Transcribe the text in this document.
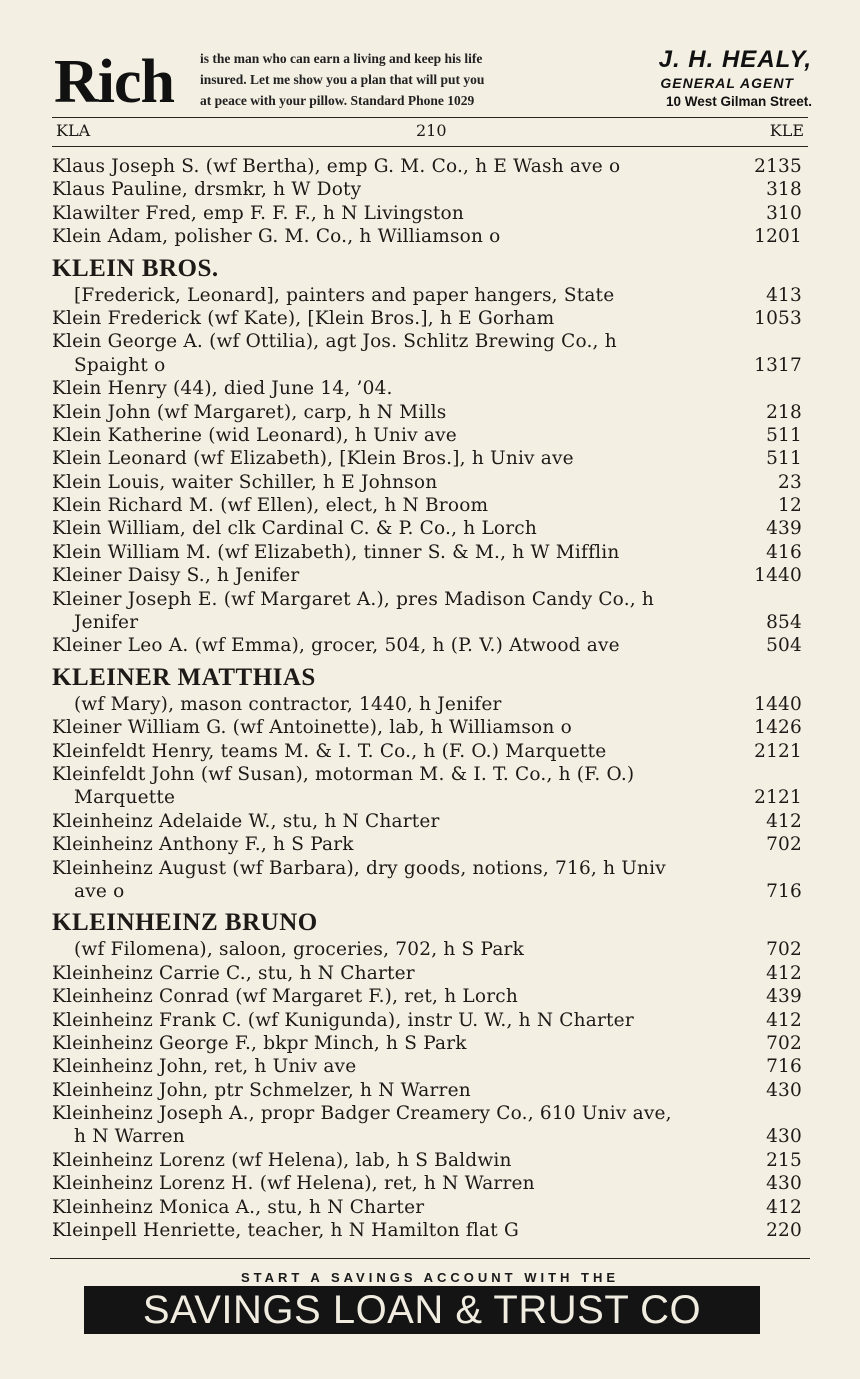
Rich is the man who can earn a living and keep his life
insured. Let me show you a plan that will put you
at peace with your pillow. Standard Phone 1029
J. H. HEALY,
GENERAL AGENT
10 West Gilman Street.
KLA	210	KLE
Klaus Joseph S. (wf Bertha), emp G. M. Co., h E Wash ave o	2135
Klaus Pauline, drsmkr, h W Doty	318
Klawilter Fred, emp F. F. F., h N Livingston	310
Klein Adam, polisher G. M. Co., h Williamson o	1201
KLEIN BROS.
[Frederick, Leonard], painters and paper hangers, State	413
Klein Frederick (wf Kate), [Klein Bros.], h E Gorham	1053
Klein George A. (wf Ottilia), agt Jos. Schlitz Brewing Co., h
Spaight o	1317
Klein Henry (44), died June 14, ’04.
Klein John (wf Margaret), carp, h N Mills	218
Klein Katherine (wid Leonard), h Univ ave	511
Klein Leonard (wf Elizabeth), [Klein Bros.], h Univ ave	511
Klein Louis, waiter Schiller, h E Johnson	23
Klein Richard M. (wf Ellen), elect, h N Broom	12
Klein William, del clk Cardinal C. & P. Co., h Lorch	439
Klein William M. (wf Elizabeth), tinner S. & M., h W Mifflin	416
Kleiner Daisy S., h Jenifer	1440
Kleiner Joseph E. (wf Margaret A.), pres Madison Candy Co., h
Jenifer	854
Kleiner Leo A. (wf Emma), grocer, 504, h (P. V.) Atwood ave	504
KLEINER MATTHIAS
(wf Mary), mason contractor, 1440, h Jenifer	1440
Kleiner William G. (wf Antoinette), lab, h Williamson o	1426
Kleinfeldt Henry, teams M. & I. T. Co., h (F. O.) Marquette	2121
Kleinfeldt John (wf Susan), motorman M. & I. T. Co., h (F. O.)
Marquette	2121
Kleinheinz Adelaide W., stu, h N Charter	412
Kleinheinz Anthony F., h S Park	702
Kleinheinz August (wf Barbara), dry goods, notions, 716, h Univ
ave o	716
KLEINHEINZ BRUNO
(wf Filomena), saloon, groceries, 702, h S Park	702
Kleinheinz Carrie C., stu, h N Charter	412
Kleinheinz Conrad (wf Margaret F.), ret, h Lorch	439
Kleinheinz Frank C. (wf Kunigunda), instr U. W., h N Charter	412
Kleinheinz George F., bkpr Minch, h S Park	702
Kleinheinz John, ret, h Univ ave	716
Kleinheinz John, ptr Schmelzer, h N Warren	430
Kleinheinz Joseph A., propr Badger Creamery Co., 610 Univ ave,
h N Warren	430
Kleinheinz Lorenz (wf Helena), lab, h S Baldwin	215
Kleinheinz Lorenz H. (wf Helena), ret, h N Warren	430
Kleinheinz Monica A., stu, h N Charter	412
Kleinpell Henriette, teacher, h N Hamilton flat G	220
START A SAVINGS ACCOUNT WITH THE
SAVINGS LOAN & TRUST CO
